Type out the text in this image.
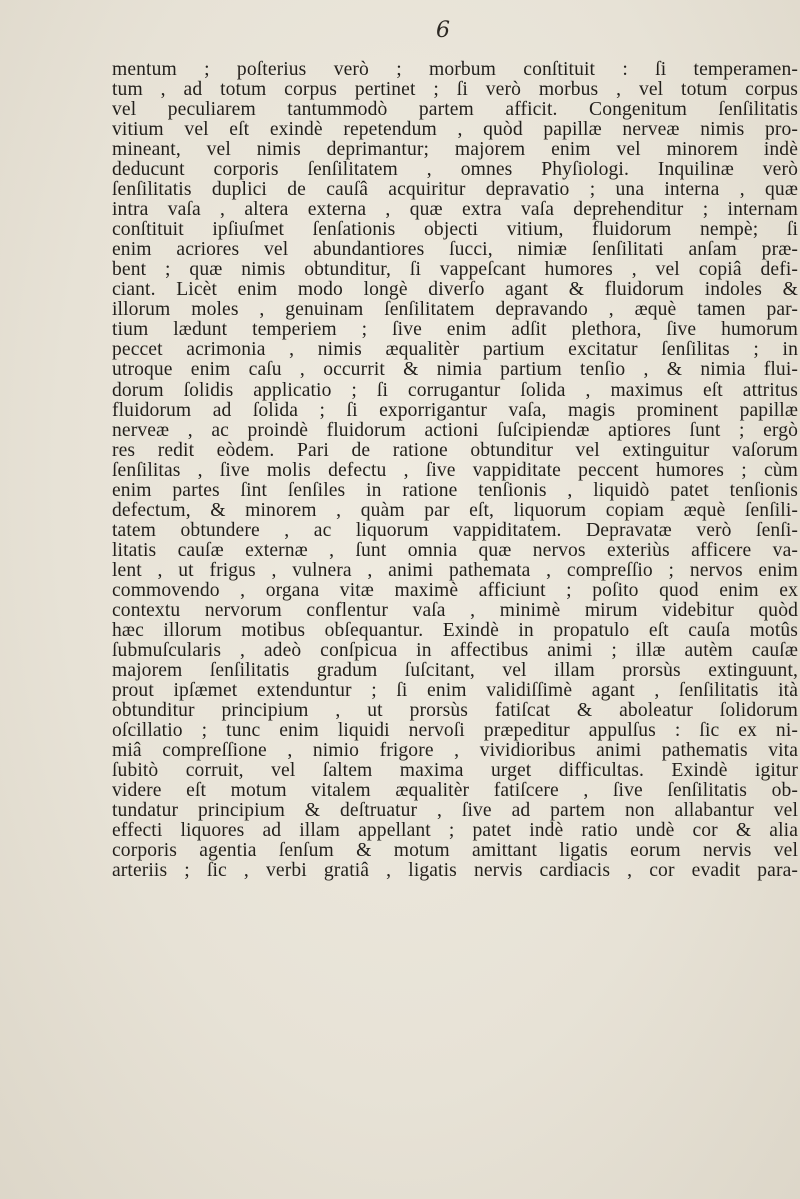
6
mentum ; poſterius verò ; morbum conſtituit : ſi temperamen-
tum , ad totum corpus pertinet ; ſi verò morbus , vel totum corpus
vel peculiarem tantummodò partem afficit. Congenitum ſenſilitatis
vitium vel eſt exindè repetendum , quòd papillæ nerveæ nimis pro-
mineant, vel nimis deprimantur; majorem enim vel minorem indè
deducunt corporis ſenſilitatem , omnes Phyſiologi. Inquilinæ verò
ſenſilitatis duplici de cauſâ acquiritur depravatio ; una interna , quæ
intra vaſa , altera externa , quæ extra vaſa deprehenditur ; internam
conſtituit ipſiuſmet ſenſationis objecti vitium, fluidorum nempè; ſi
enim acriores vel abundantiores ſucci, nimiæ ſenſilitati anſam præ-
bent ; quæ nimis obtunditur, ſi vappeſcant humores , vel copiâ defi-
ciant. Licèt enim modo longè diverſo agant & fluidorum indoles &
illorum moles , genuinam ſenſilitatem depravando , æquè tamen par-
tium lædunt temperiem ; ſive enim adſit plethora, ſive humorum
peccet acrimonia , nimis æqualitèr partium excitatur ſenſilitas ; in
utroque enim caſu , occurrit & nimia partium tenſio , & nimia flui-
dorum ſolidis applicatio ; ſi corrugantur ſolida , maximus eſt attritus
fluidorum ad ſolida ; ſi exporrigantur vaſa, magis prominent papillæ
nerveæ , ac proindè fluidorum actioni ſuſcipiendæ aptiores ſunt ; ergò
res redit eòdem. Pari de ratione obtunditur vel extinguitur vaſorum
ſenſilitas , ſive molis defectu , ſive vappiditate peccent humores ; cùm
enim partes ſint ſenſiles in ratione tenſionis , liquidò patet tenſionis
defectum, & minorem , quàm par eſt, liquorum copiam æquè ſenſili-
tatem obtundere , ac liquorum vappiditatem. Depravatæ verò ſenſi-
litatis cauſæ externæ , ſunt omnia quæ nervos exteriùs afficere va-
lent , ut frigus , vulnera , animi pathemata , compreſſio ; nervos enim
commovendo , organa vitæ maximè afficiunt ; poſito quod enim ex
contextu nervorum conflentur vaſa , minimè mirum videbitur quòd
hæc illorum motibus obſequantur. Exindè in propatulo eſt cauſa motûs
ſubmuſcularis , adeò conſpicua in affectibus animi ; illæ autèm cauſæ
majorem ſenſilitatis gradum ſuſcitant, vel illam prorsùs extinguunt,
prout ipſæmet extenduntur ; ſi enim validiſſimè agant , ſenſilitatis ità
obtunditur principium , ut prorsùs fatiſcat & aboleatur ſolidorum
oſcillatio ; tunc enim liquidi nervoſi præpeditur appulſus : ſic ex ni-
miâ compreſſione , nimio frigore , vividioribus animi pathematis vita
ſubitò corruit, vel ſaltem maxima urget difficultas. Exindè igitur
videre eſt motum vitalem æqualitèr fatiſcere , ſive ſenſilitatis ob-
tundatur principium & deſtruatur , ſive ad partem non allabantur vel
effecti liquores ad illam appellant ; patet indè ratio undè cor & alia
corporis agentia ſenſum & motum amittant ligatis eorum nervis vel
arteriis ; ſic , verbi gratiâ , ligatis nervis cardiacis , cor evadit para-
